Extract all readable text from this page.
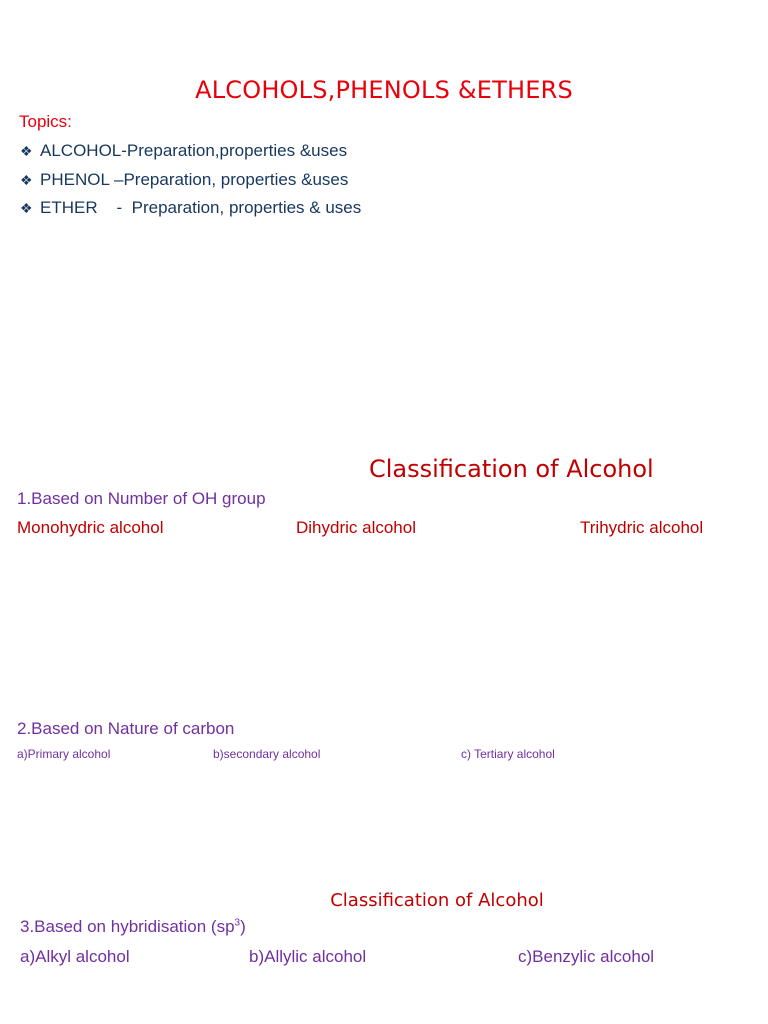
ALCOHOLS,PHENOLS &ETHERS
Topics:
❖ ALCOHOL-Preparation,properties &uses
❖ PHENOL –Preparation, properties &uses
❖ ETHER    -  Preparation, properties & uses
Classification of Alcohol
1.Based on Number of OH group
Monohydric alcohol	Dihydric alcohol	Trihydric alcohol
2.Based on Nature of carbon
a)Primary alcohol	b)secondary alcohol	c) Tertiary alcohol
Classification of Alcohol
3.Based on hybridisation $(sp^3)$
a)Alkyl alcohol	b)Allylic alcohol	c)Benzylic alcohol
